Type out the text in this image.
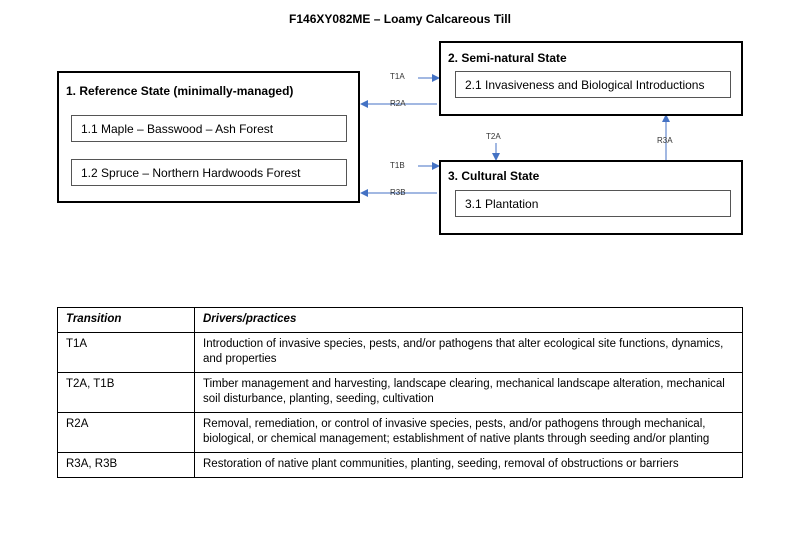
F146XY082ME – Loamy Calcareous Till
T1A
R2A
T1B
R3B
T2A	R3A
1. Reference State (minimally-managed)
1.1 Maple – Basswood – Ash Forest
1.2 Spruce – Northern Hardwoods Forest
2. Semi-natural State
2.1 Invasiveness and Biological Introductions
3. Cultural State
3.1 Plantation
Transition	Drivers/practices
T1A	Introduction of invasive species, pests, and/or pathogens that alter ecological site functions, dynamics, and properties
T2A, T1B	Timber management and harvesting, landscape clearing, mechanical landscape alteration, mechanical soil disturbance, planting, seeding, cultivation
R2A	Removal, remediation, or control of invasive species, pests, and/or pathogens through mechanical, biological, or chemical management; establishment of native plants through seeding and/or planting
R3A, R3B	Restoration of native plant communities, planting, seeding, removal of obstructions or barriers
